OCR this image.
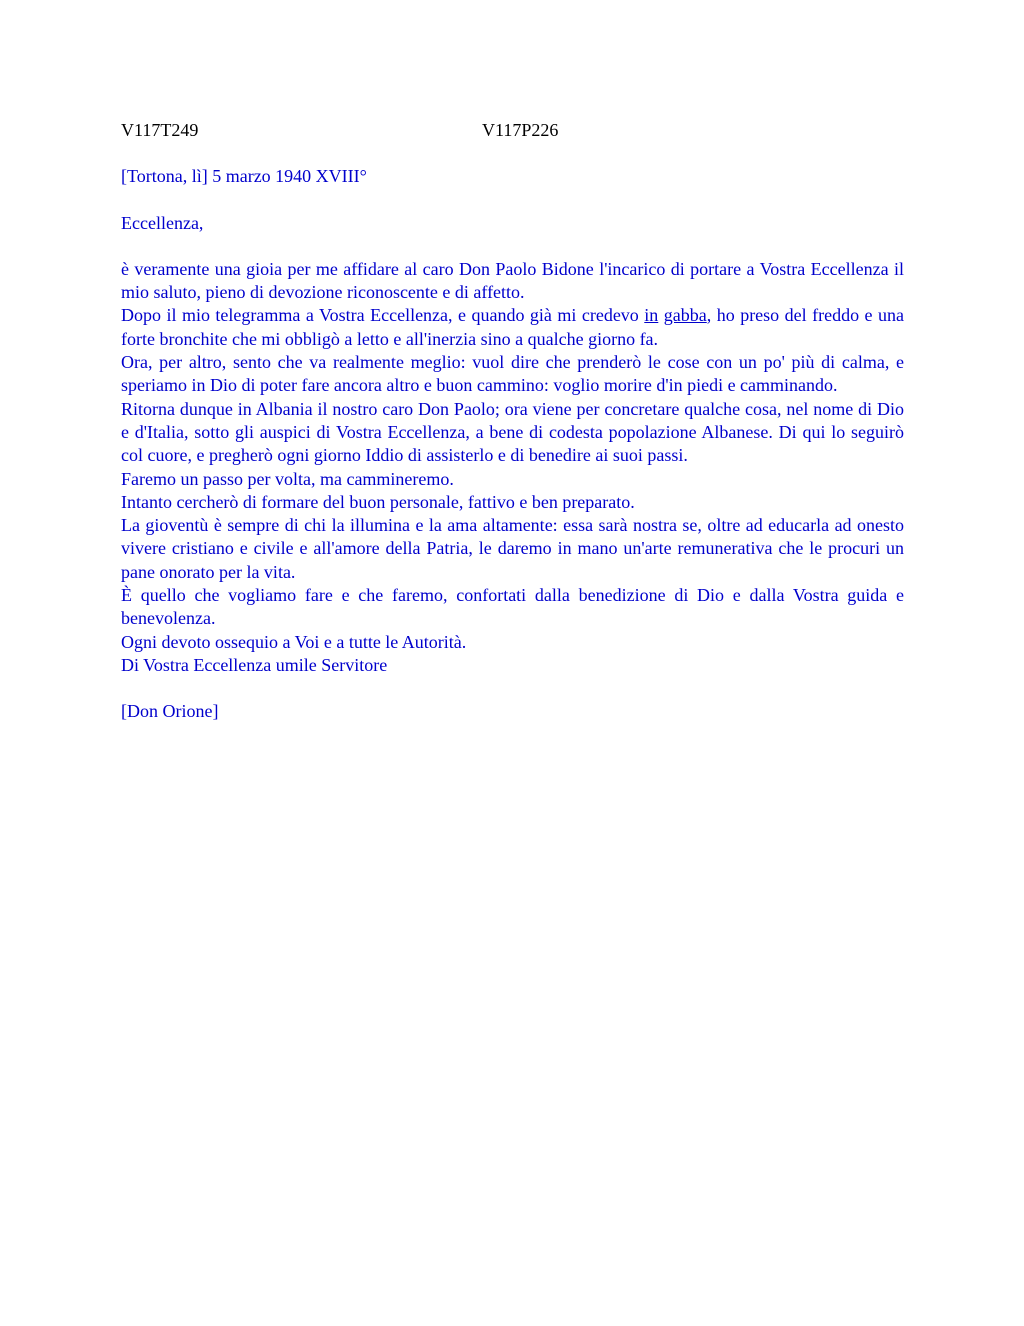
V117T249	V117P226

[Tortona, lì] 5 marzo 1940 XVIII°

Eccellenza,

è veramente una gioia per me affidare al caro Don Paolo Bidone l'incarico di portare a Vostra Eccellenza il mio saluto, pieno di devozione riconoscente e di affetto.

Dopo il mio telegramma a Vostra Eccellenza, e quando già mi credevo in gabba, ho preso del freddo e una forte bronchite che mi obbligò a letto e all'inerzia sino a qualche giorno fa.

Ora, per altro, sento che va realmente meglio: vuol dire che prenderò le cose con un po' più di calma, e speriamo in Dio di poter fare ancora altro e buon cammino: voglio morire d'in piedi e camminando.

Ritorna dunque in Albania il nostro caro Don Paolo; ora viene per concretare qualche cosa, nel nome di Dio e d'Italia, sotto gli auspici di Vostra Eccellenza, a bene di codesta popolazione Albanese. Di qui lo seguirò col cuore, e pregherò ogni giorno Iddio di assisterlo e di benedire ai suoi passi.

Faremo un passo per volta, ma cammineremo.

Intanto cercherò di formare del buon personale, fattivo e ben preparato.

La gioventù è sempre di chi la illumina e la ama altamente: essa sarà nostra se, oltre ad educarla ad onesto vivere cristiano e civile e all'amore della Patria, le daremo in mano un'arte remunerativa che le procuri un pane onorato per la vita.

È quello che vogliamo fare e che faremo, confortati dalla benedizione di Dio e dalla Vostra guida e benevolenza.

Ogni devoto ossequio a Voi e a tutte le Autorità.

Di Vostra Eccellenza umile Servitore

[Don Orione]
